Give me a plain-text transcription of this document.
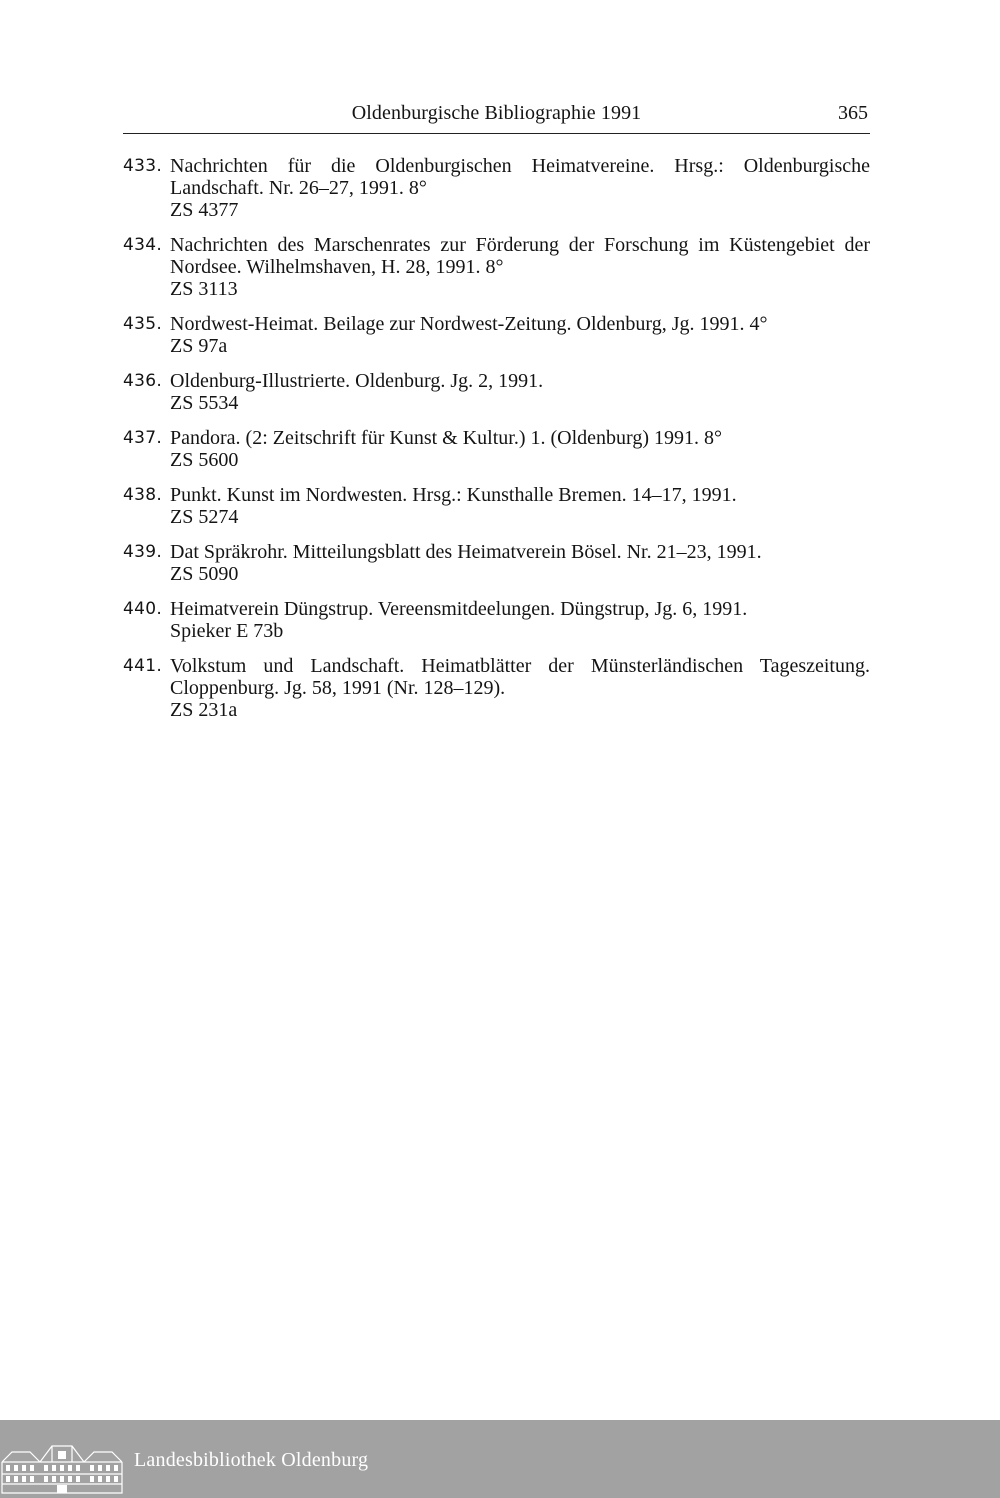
Oldenburgische Bibliographie 1991	365
433. Nachrichten für die Oldenburgischen Heimatvereine. Hrsg.: Oldenburgische Landschaft. Nr. 26–27, 1991. 8°
ZS 4377
434. Nachrichten des Marschenrates zur Förderung der Forschung im Küstengebiet der Nordsee. Wilhelmshaven, H. 28, 1991. 8°
ZS 3113
435. Nordwest-Heimat. Beilage zur Nordwest-Zeitung. Oldenburg, Jg. 1991. 4°
ZS 97a
436. Oldenburg-Illustrierte. Oldenburg. Jg. 2, 1991.
ZS 5534
437. Pandora. (2: Zeitschrift für Kunst & Kultur.) 1. (Oldenburg) 1991. 8°
ZS 5600
438. Punkt. Kunst im Nordwesten. Hrsg.: Kunsthalle Bremen. 14–17, 1991.
ZS 5274
439. Dat Spräkrohr. Mitteilungsblatt des Heimatverein Bösel. Nr. 21–23, 1991.
ZS 5090
440. Heimatverein Düngstrup. Vereensmitdeelungen. Düngstrup, Jg. 6, 1991.
Spieker E 73b
441. Volkstum und Landschaft. Heimatblätter der Münsterländischen Tageszeitung. Cloppenburg. Jg. 58, 1991 (Nr. 128–129).
ZS 231a
Landesbibliothek Oldenburg
